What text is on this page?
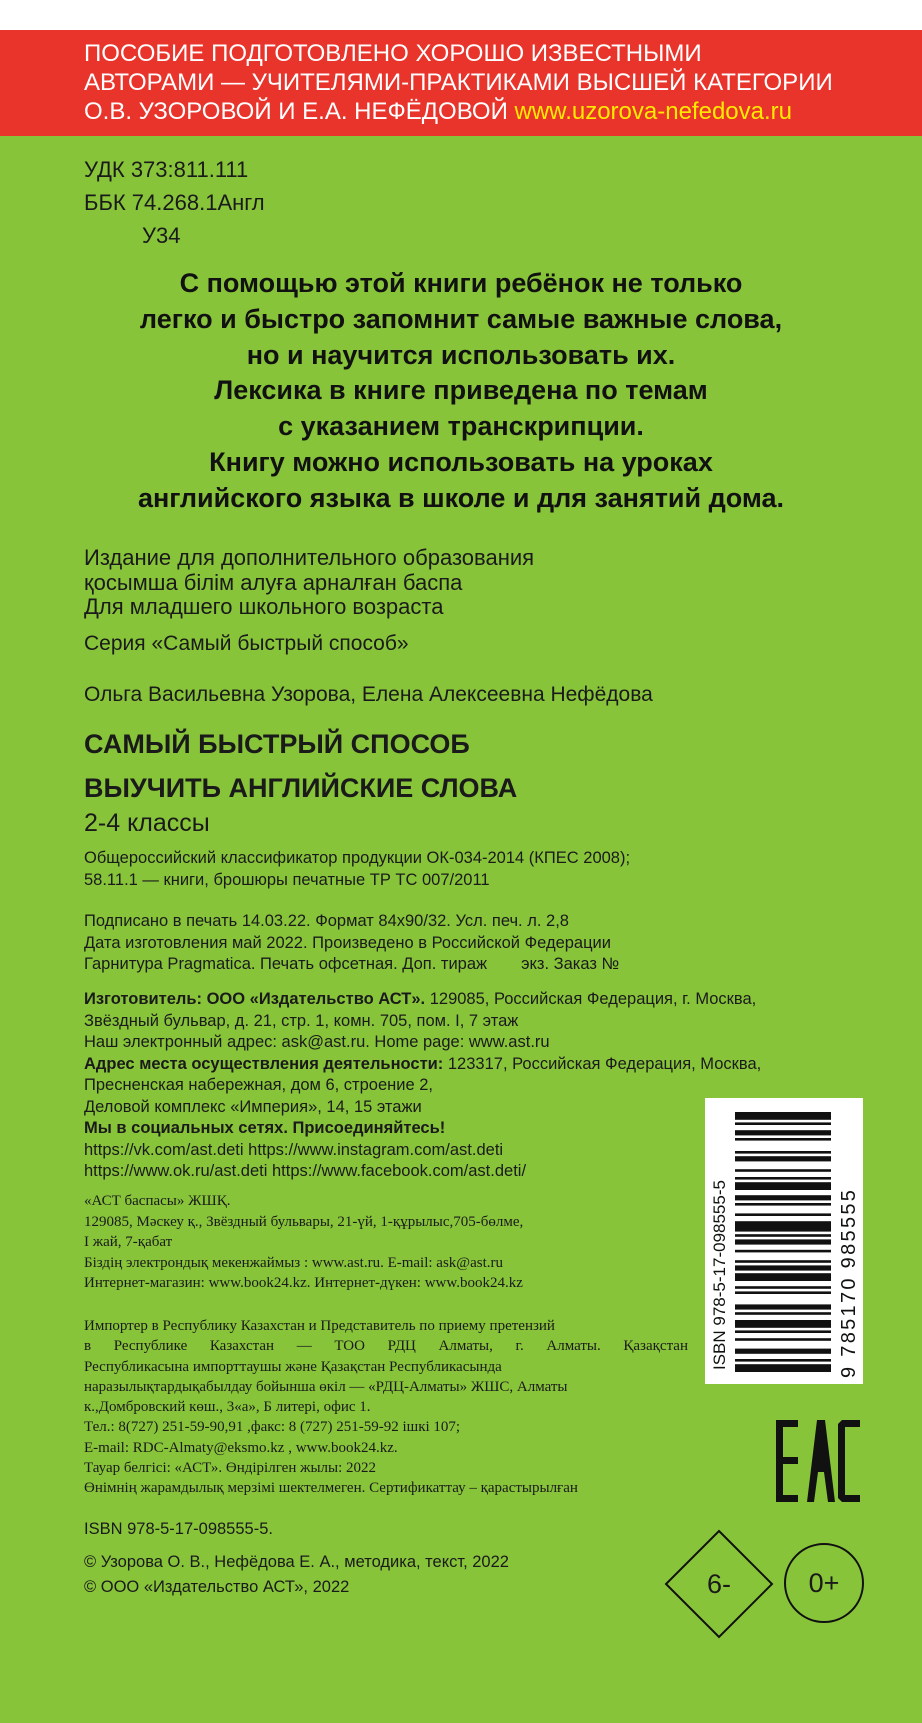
ПОСОБИЕ ПОДГОТОВЛЕНО ХОРОШО ИЗВЕСТНЫМИ
АВТОРАМИ — УЧИТЕЛЯМИ-ПРАКТИКАМИ ВЫСШЕЙ КАТЕГОРИИ
О.В. УЗОРОВОЙ И Е.А. НЕФЁДОВОЙ www.uzorova-nefedova.ru
УДК 373:811.111
ББК 74.268.1Англ
У34
С помощью этой книги ребёнок не только
легко и быстро запомнит самые важные слова,
но и научится использовать их.
Лексика в книге приведена по темам
с указанием транскрипции.
Книгу можно использовать на уроках
английского языка в школе и для занятий дома.
Издание для дополнительного образования
қосымша білім алуға арналған баспа
Для младшего школьного возраста
Серия «Самый быстрый способ»
Ольга Васильевна Узорова, Елена Алексеевна Нефёдова
САМЫЙ БЫСТРЫЙ СПОСОБ
ВЫУЧИТЬ АНГЛИЙСКИЕ СЛОВА
2-4 классы
Общероссийский классификатор продукции ОК-034-2014 (КПЕС 2008);
58.11.1 — книги, брошюры печатные ТР ТС 007/2011
Подписано в печать 14.03.22. Формат 84х90/32. Усл. печ. л. 2,8
Дата изготовления май 2022. Произведено в Российской Федерации
Гарнитура Pragmatica. Печать офсетная. Доп. тираж экз. Заказ №
Изготовитель: ООО «Издательство АСТ». 129085, Российская Федерация, г. Москва,
Звёздный бульвар, д. 21, стр. 1, комн. 705, пом. I, 7 этаж
Наш электронный адрес: ask@ast.ru. Home page: www.ast.ru
Адрес места осуществления деятельности: 123317, Российская Федерация, Москва,
Пресненская набережная, дом 6, строение 2,
Деловой комплекс «Империя», 14, 15 этажи
Мы в социальных сетях. Присоединяйтесь!
https://vk.com/ast.deti https://www.instagram.com/ast.deti
https://www.ok.ru/ast.deti https://www.facebook.com/ast.deti/
«АСТ баспасы» ЖШҚ.
129085, Мәскеу қ., Звёздный бульвары, 21-үй, 1-құрылыс,705-бөлме,
I жай, 7-қабат
Біздің электрондық мекенжаймыз : www.ast.ru. E-mail: ask@ast.ru
Интернет-магазин: www.book24.kz. Интернет-дүкен: www.book24.kz
Импортер в Республику Казахстан и Представитель по приему претензий
в Республике Казахстан — ТОО РДЦ Алматы, г. Алматы. Қазақстан
Республикасына импорттаушы және Қазақстан Республикасында
наразылықтардықабылдау бойынша өкіл — «РДЦ-Алматы» ЖШС, Алматы
к.,Домбровский көш., 3«а», Б литері, офис 1.
Тел.: 8(727) 251-59-90,91 ,факс: 8 (727) 251-59-92 ішкі 107;
E-mail: RDC-Almaty@eksmo.kz , www.book24.kz.
Тауар белгісі: «АСТ». Өндірілген жылы: 2022
Өнімнің жарамдылық мерзімі шектелмеген. Сертификаттау – қарастырылған
ISBN 978-5-17-098555-5.
© Узорова О. В., Нефёдова Е. А., методика, текст, 2022
© ООО «Издательство АСТ», 2022
ISBN 978-5-17-098555-5	9 785170 985555
6-	0+
